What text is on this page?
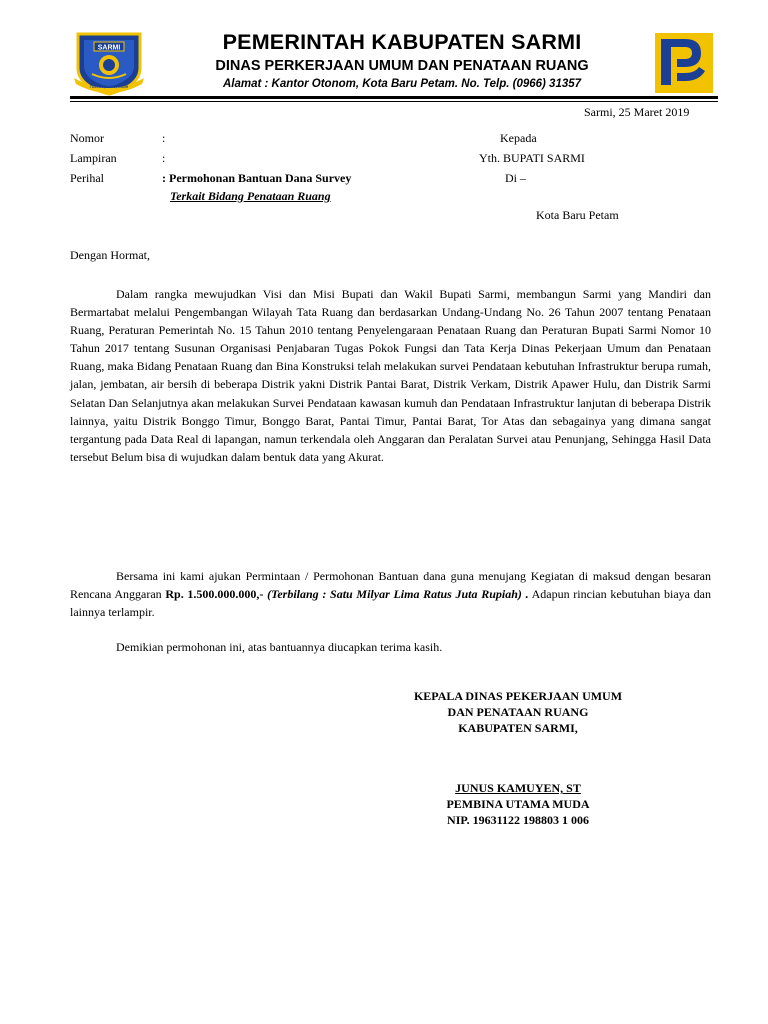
SARMI
TUNGGU, KARYA, KASIH
PEMERINTAH KABUPATEN SARMI
DINAS PERKERJAAN UMUM DAN PENATAAN RUANG
Alamat : Kantor Otonom, Kota Baru Petam. No. Telp. (0966) 31357
Sarmi, 25 Maret 2019
Nomor	:
Lampiran	:
Perihal	: Permohonan Bantuan Dana Survey
Terkait Bidang Penataan Ruang
Kepada
Yth. BUPATI SARMI
Di –
Kota Baru Petam
Dengan Hormat,

Dalam rangka mewujudkan Visi dan Misi Bupati dan Wakil Bupati Sarmi, membangun Sarmi yang Mandiri dan Bermartabat melalui Pengembangan Wilayah Tata Ruang dan berdasarkan Undang-Undang No. 26 Tahun 2007 tentang Penataan Ruang, Peraturan Pemerintah No. 15 Tahun 2010 tentang Penyelengaraan Penataan Ruang dan Peraturan Bupati Sarmi Nomor 10 Tahun 2017 tentang Susunan Organisasi Penjabaran Tugas Pokok Fungsi dan Tata Kerja Dinas Pekerjaan Umum dan Penataan Ruang, maka Bidang Penataan Ruang dan Bina Konstruksi telah melakukan survei Pendataan kebutuhan Infrastruktur berupa rumah, jalan, jembatan, air bersih di beberapa Distrik yakni Distrik Pantai Barat, Distrik Verkam, Distrik Apawer Hulu, dan Distrik Sarmi Selatan Dan Selanjutnya akan melakukan Survei Pendataan kawasan kumuh dan Pendataan Infrastruktur lanjutan di beberapa Distrik lainnya, yaitu Distrik Bonggo Timur, Bonggo Barat, Pantai Timur, Pantai Barat, Tor Atas dan sebagainya yang dimana sangat tergantung pada Data Real di lapangan, namun terkendala oleh Anggaran dan Peralatan Survei atau Penunjang, Sehingga Hasil Data tersebut Belum bisa di wujudkan dalam bentuk data yang Akurat.

Bersama ini kami ajukan Permintaan / Permohonan Bantuan dana guna menujang Kegiatan di maksud dengan besaran Rencana Anggaran Rp. 1.500.000.000,- (Terbilang : Satu Milyar Lima Ratus Juta Rupiah) . Adapun rincian kebutuhan biaya dan lainnya terlampir.

Demikian permohonan ini, atas bantuannya diucapkan terima kasih.

KEPALA DINAS PEKERJAAN UMUM
DAN PENATAAN RUANG
KABUPATEN SARMI,
JUNUS KAMUYEN, ST
PEMBINA UTAMA MUDA
NIP. 19631122 198803 1 006
